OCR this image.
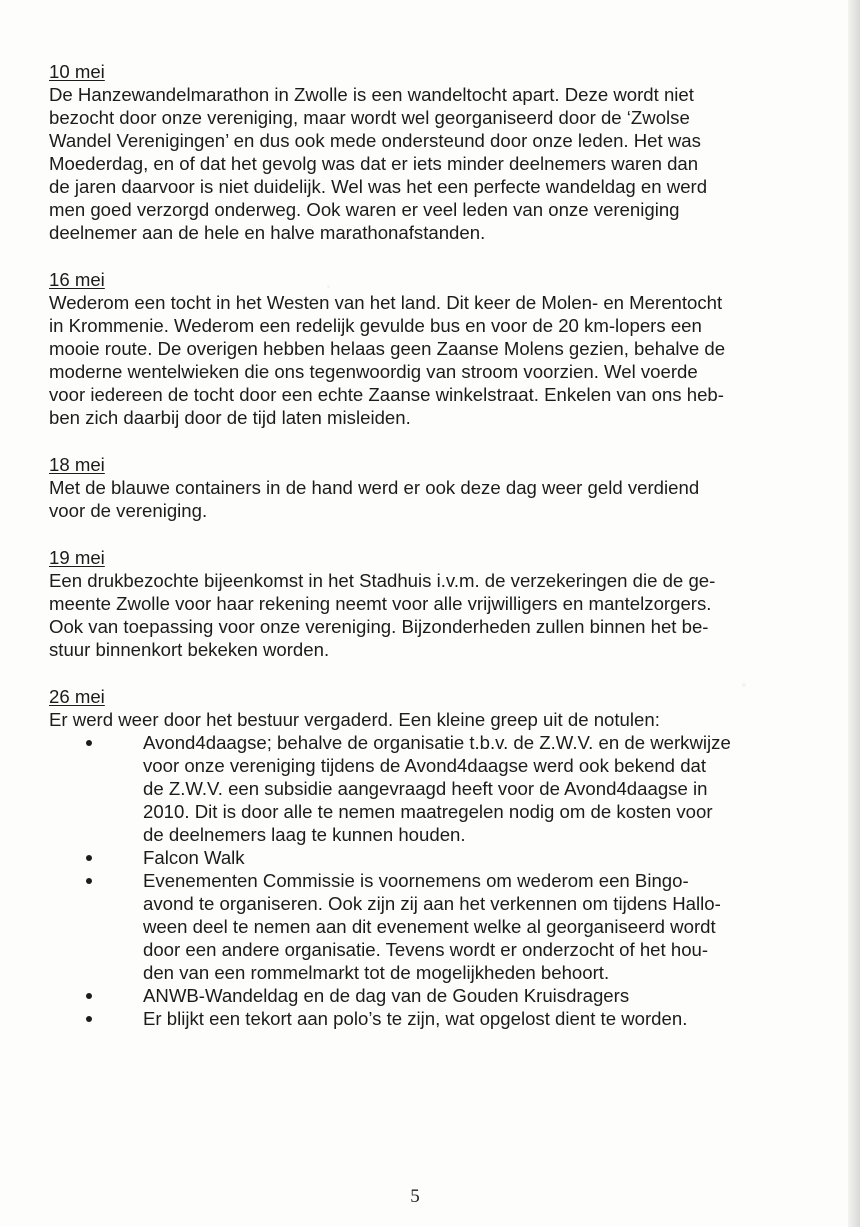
10 mei

De Hanzewandelmarathon in Zwolle is een wandeltocht apart. Deze wordt niet
bezocht door onze vereniging, maar wordt wel georganiseerd door de ‘Zwolse
Wandel Verenigingen’ en dus ook mede ondersteund door onze leden. Het was
Moederdag, en of dat het gevolg was dat er iets minder deelnemers waren dan
de jaren daarvoor is niet duidelijk. Wel was het een perfecte wandeldag en werd
men goed verzorgd onderweg. Ook waren er veel leden van onze vereniging
deelnemer aan de hele en halve marathonafstanden.

16 mei

Wederom een tocht in het Westen van het land. Dit keer de Molen- en Merentocht
in Krommenie. Wederom een redelijk gevulde bus en voor de 20 km-lopers een
mooie route. De overigen hebben helaas geen Zaanse Molens gezien, behalve de
moderne wentelwieken die ons tegenwoordig van stroom voorzien. Wel voerde
voor iedereen de tocht door een echte Zaanse winkelstraat. Enkelen van ons heb-
ben zich daarbij door de tijd laten misleiden.

18 mei

Met de blauwe containers in de hand werd er ook deze dag weer geld verdiend
voor de vereniging.

19 mei

Een drukbezochte bijeenkomst in het Stadhuis i.v.m. de verzekeringen die de ge-
meente Zwolle voor haar rekening neemt voor alle vrijwilligers en mantelzorgers.
Ook van toepassing voor onze vereniging. Bijzonderheden zullen binnen het be-
stuur binnenkort bekeken worden.

26 mei

Er werd weer door het bestuur vergaderd. Een kleine greep uit de notulen:

Avond4daagse; behalve de organisatie t.b.v. de Z.W.V. en de werkwijze
voor onze vereniging tijdens de Avond4daagse werd ook bekend dat
de Z.W.V. een subsidie aangevraagd heeft voor de Avond4daagse in
2010. Dit is door alle te nemen maatregelen nodig om de kosten voor
de deelnemers laag te kunnen houden.
Falcon Walk
Evenementen Commissie is voornemens om wederom een Bingo-
avond te organiseren. Ook zijn zij aan het verkennen om tijdens Hallo-
ween deel te nemen aan dit evenement welke al georganiseerd wordt
door een andere organisatie. Tevens wordt er onderzocht of het hou-
den van een rommelmarkt tot de mogelijkheden behoort.
ANWB-Wandeldag en de dag van de Gouden Kruisdragers
Er blijkt een tekort aan polo’s te zijn, wat opgelost dient te worden.
5
